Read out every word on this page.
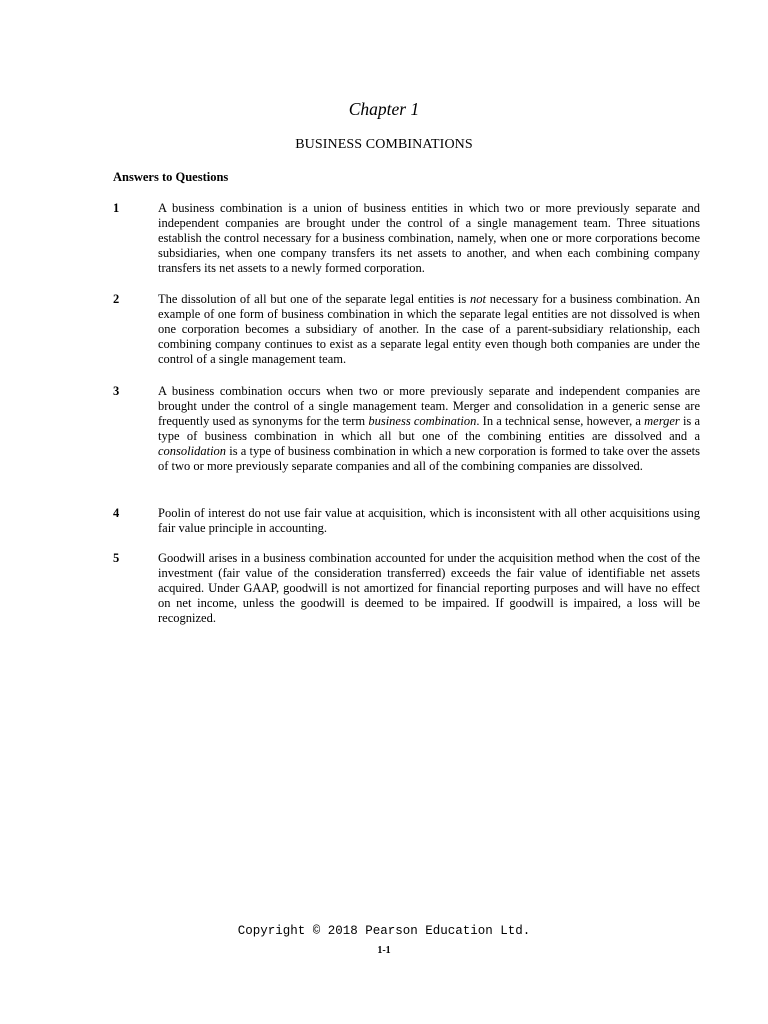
Chapter 1
BUSINESS COMBINATIONS
Answers to Questions
1	A business combination is a union of business entities in which two or more previously separate and independent companies are brought under the control of a single management team. Three situations establish the control necessary for a business combination, namely, when one or more corporations become subsidiaries, when one company transfers its net assets to another, and when each combining company transfers its net assets to a newly formed corporation.
2	The dissolution of all but one of the separate legal entities is not necessary for a business combination. An example of one form of business combination in which the separate legal entities are not dissolved is when one corporation becomes a subsidiary of another. In the case of a parent-subsidiary relationship, each combining company continues to exist as a separate legal entity even though both companies are under the control of a single management team.
3	A business combination occurs when two or more previously separate and independent companies are brought under the control of a single management team. Merger and consolidation in a generic sense are frequently used as synonyms for the term business combination. In a technical sense, however, a merger is a type of business combination in which all but one of the combining entities are dissolved and a consolidation is a type of business combination in which a new corporation is formed to take over the assets of two or more previously separate companies and all of the combining companies are dissolved.
4	Poolin of interest do not use fair value at acquisition, which is inconsistent with all other acquisitions using fair value principle in accounting.
5	Goodwill arises in a business combination accounted for under the acquisition method when the cost of the investment (fair value of the consideration transferred) exceeds the fair value of identifiable net assets acquired. Under GAAP, goodwill is not amortized for financial reporting purposes and will have no effect on net income, unless the goodwill is deemed to be impaired. If goodwill is impaired, a loss will be recognized.
Copyright © 2018 Pearson Education Ltd.
1-1
